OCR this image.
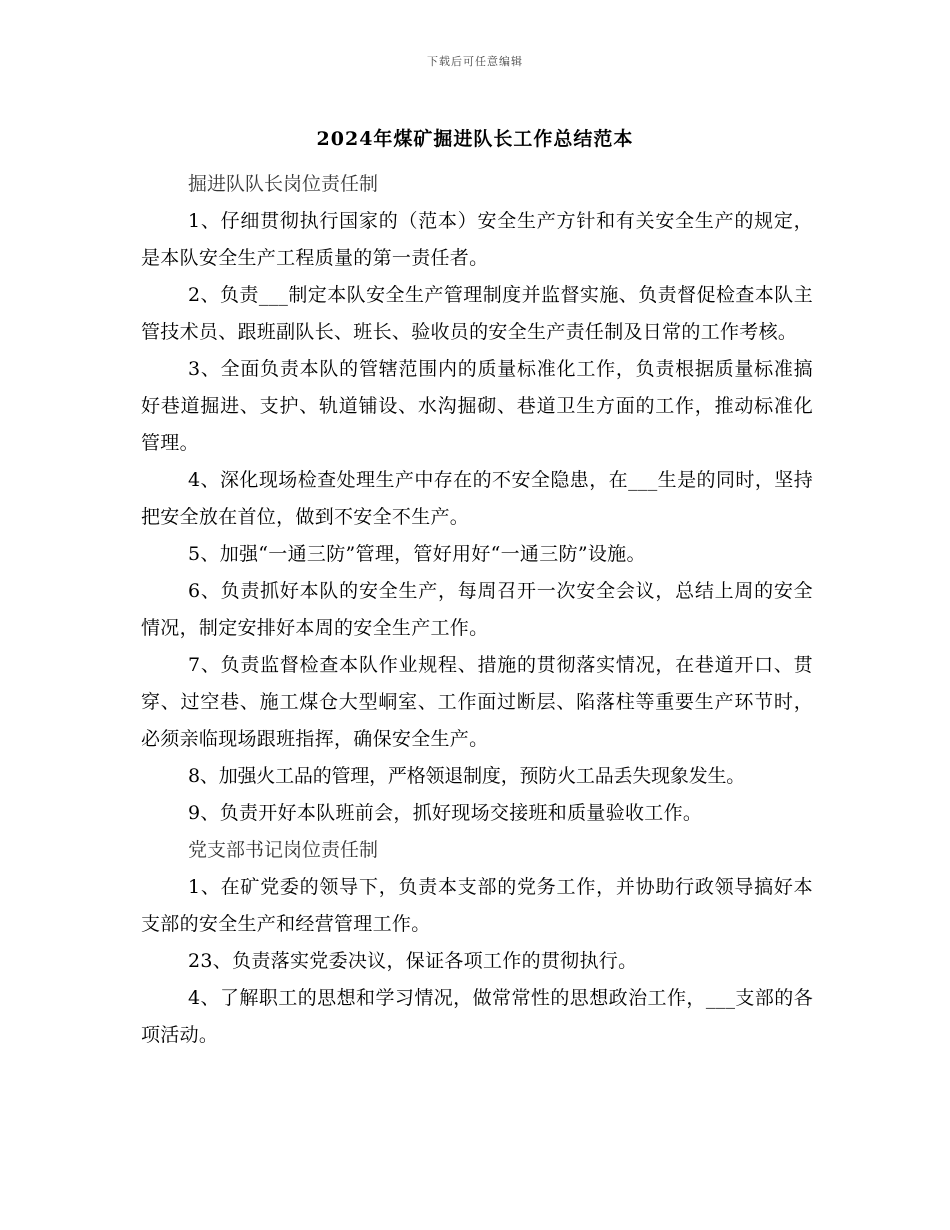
下载后可任意编辑
2024年煤矿掘进队长工作总结范本

掘进队队长岗位责任制

1、仔细贯彻执行国家的（范本）安全生产方针和有关安全生产的规定，是本队安全生产工程质量的第一责任者。

2、负责___制定本队安全生产管理制度并监督实施、负责督促检查本队主管技术员、跟班副队长、班长、验收员的安全生产责任制及日常的工作考核。

3、全面负责本队的管辖范围内的质量标准化工作，负责根据质量标准搞好巷道掘进、支护、轨道铺设、水沟掘砌、巷道卫生方面的工作，推动标准化管理。

4、深化现场检查处理生产中存在的不安全隐患，在___生是的同时，坚持把安全放在首位，做到不安全不生产。

5、加强“一通三防”管理，管好用好“一通三防”设施。

6、负责抓好本队的安全生产，每周召开一次安全会议，总结上周的安全情况，制定安排好本周的安全生产工作。

7、负责监督检查本队作业规程、措施的贯彻落实情况，在巷道开口、贯穿、过空巷、施工煤仓大型峒室、工作面过断层、陷落柱等重要生产环节时，必须亲临现场跟班指挥，确保安全生产。

8、加强火工品的管理，严格领退制度，预防火工品丢失现象发生。

9、负责开好本队班前会，抓好现场交接班和质量验收工作。

党支部书记岗位责任制

1、在矿党委的领导下，负责本支部的党务工作，并协助行政领导搞好本支部的安全生产和经营管理工作。

23、负责落实党委决议，保证各项工作的贯彻执行。

4、了解职工的思想和学习情况，做常常性的思想政治工作，___支部的各项活动。
